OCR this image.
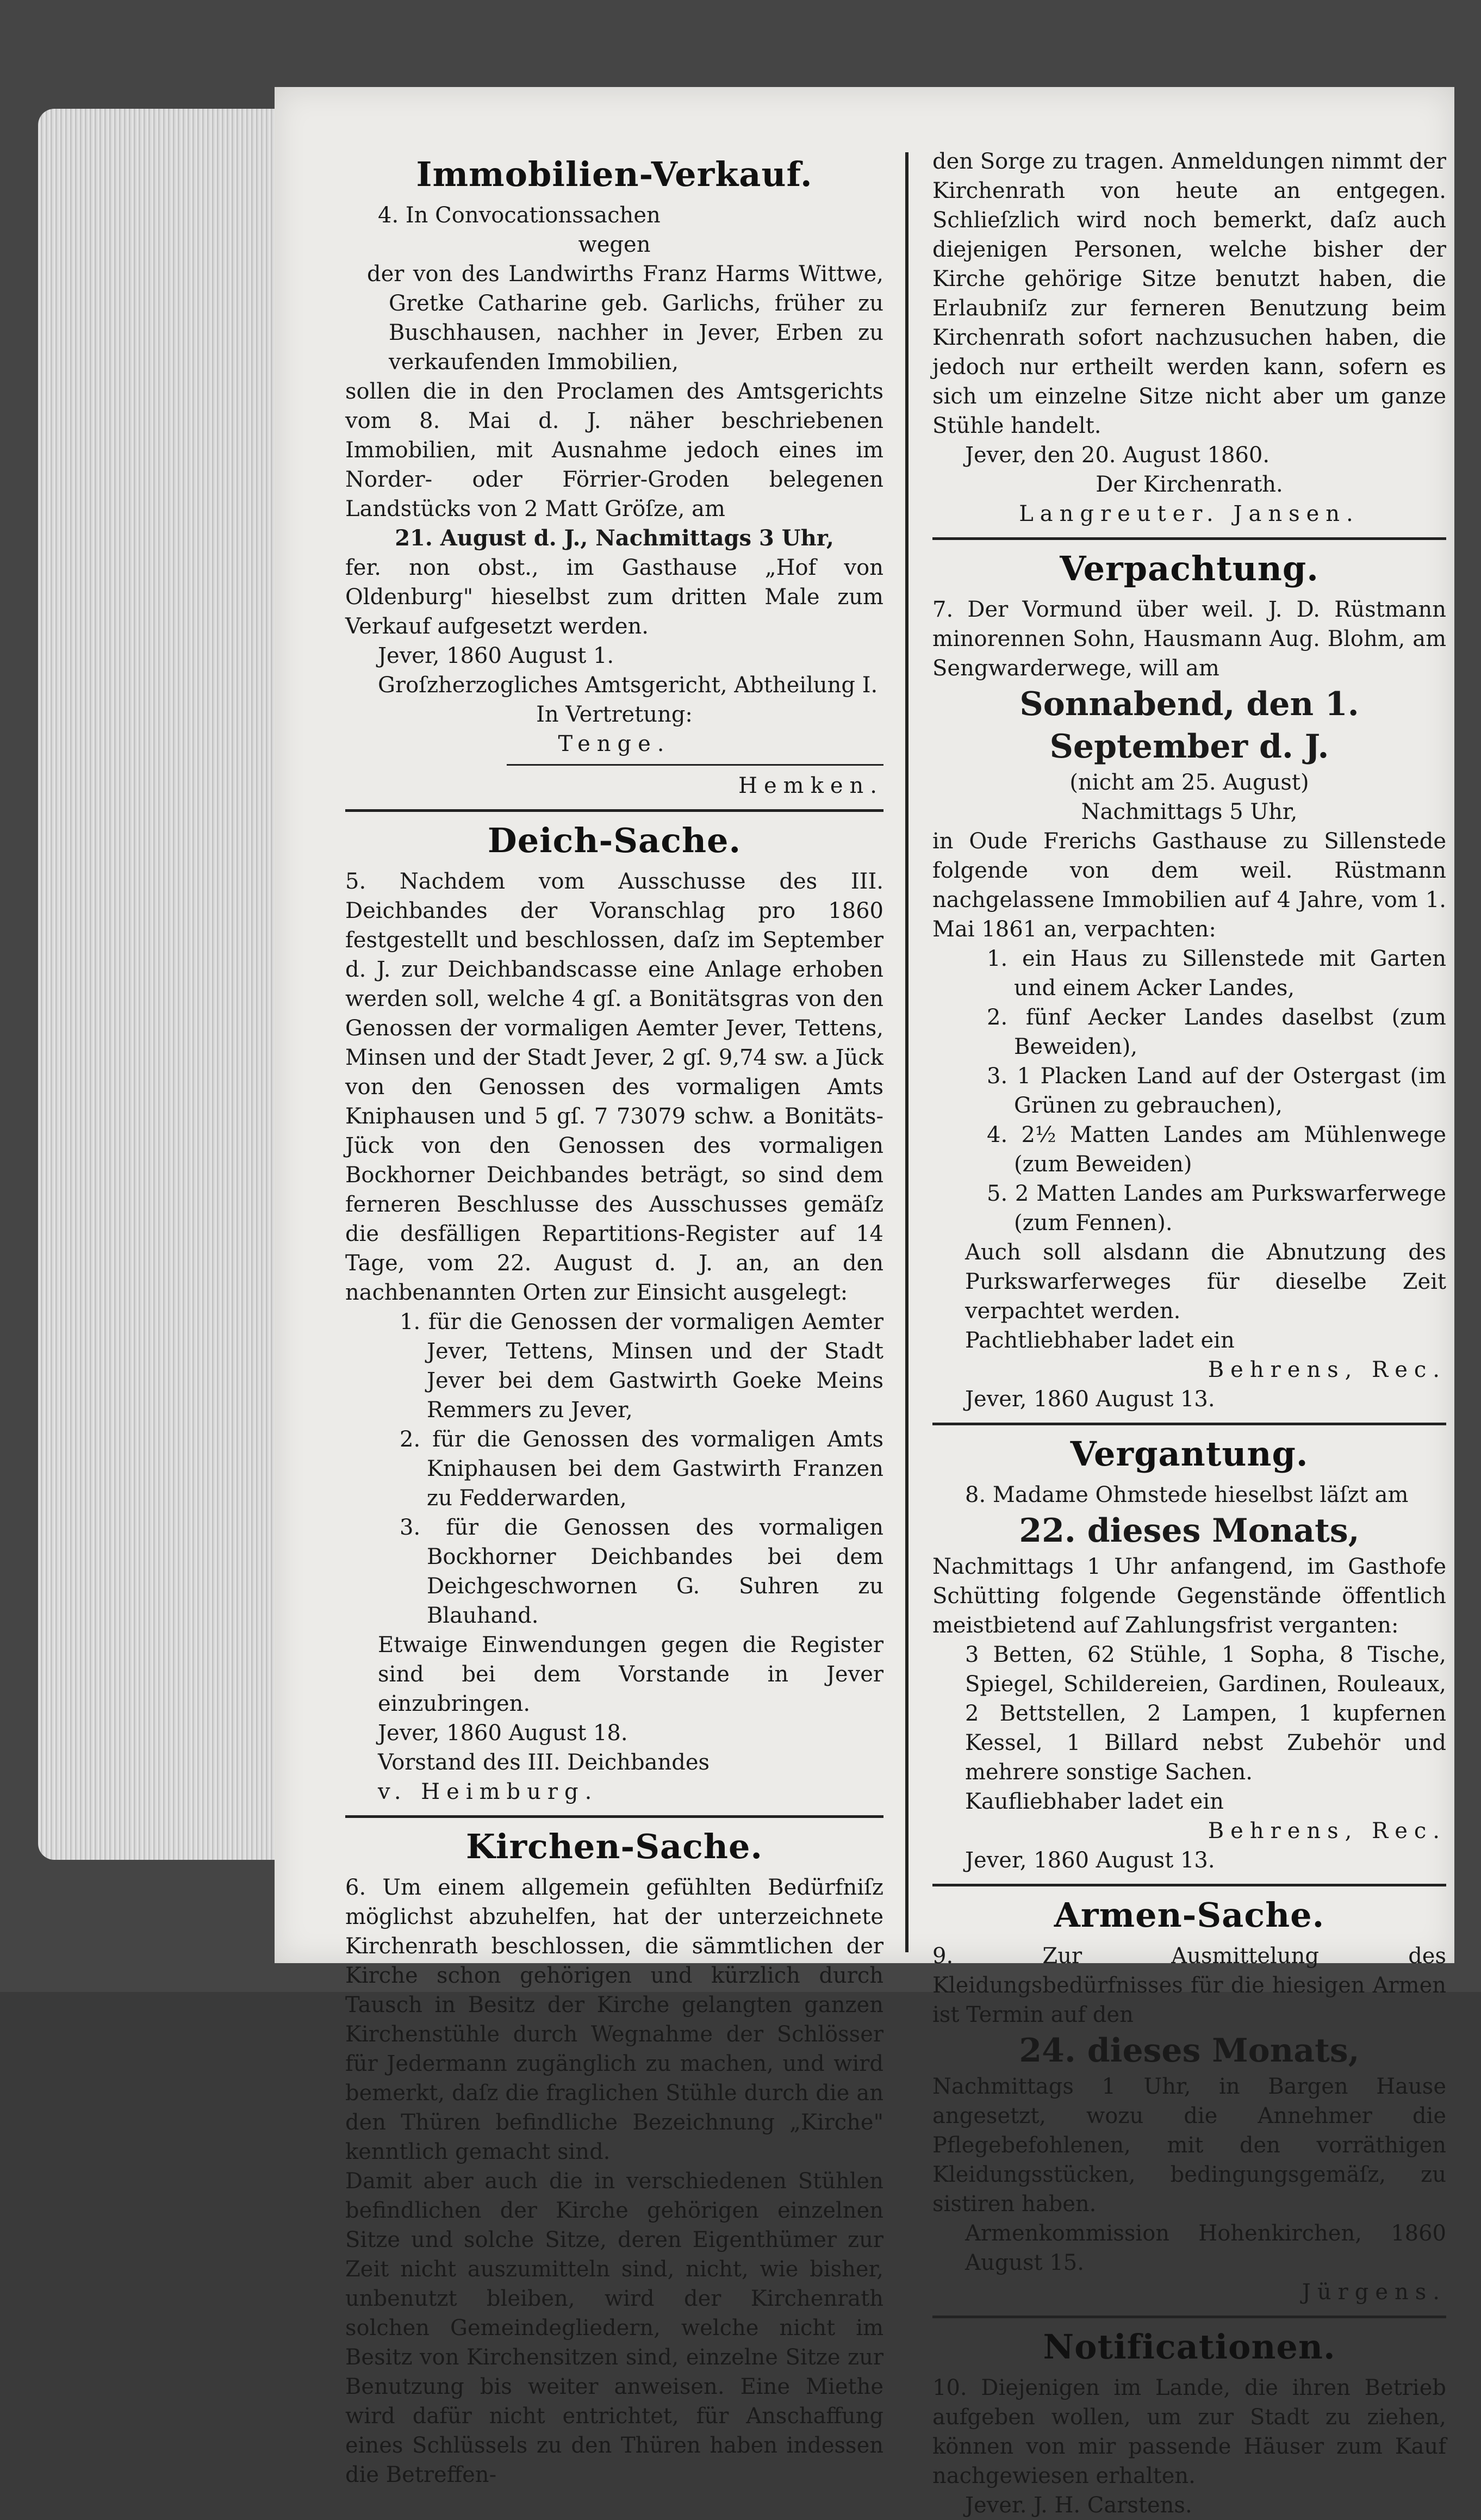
Immobilien-Verkauf.

4. In Convocationssachen

wegen

der von des Landwirths Franz Harms Wittwe, Gretke Catharine geb. Garlichs, früher zu Buschhausen, nachher in Jever, Erben zu verkaufenden Immobilien,

sollen die in den Proclamen des Amtsgerichts vom 8. Mai d. J. näher beschriebenen Immobilien, mit Ausnahme jedoch eines im Norder- oder Förrier-Groden belegenen Landstücks von 2 Matt Gröſze, am

21. August d. J., Nachmittags 3 Uhr,

fer. non obst., im Gasthause „Hof von Oldenburg" hieselbst zum dritten Male zum Verkauf aufgesetzt werden.

Jever, 1860 August 1.

Groſzherzogliches Amtsgericht, Abtheilung I.

In Vertretung:

Tenge.

Hemken.

Deich-Sache.

5. Nachdem vom Ausschusse des III. Deichbandes der Voranschlag pro 1860 festgestellt und beschlossen, daſz im September d. J. zur Deichbandscasse eine Anlage erhoben werden soll, welche 4 gſ. a Bonitätsgras von den Genossen der vormaligen Aemter Jever, Tettens, Minsen und der Stadt Jever, 2 gſ. 9,74 sw. a Jück von den Genossen des vormaligen Amts Kniphausen und 5 gſ. 7 73079 schw. a Bonitäts-Jück von den Genossen des vormaligen Bockhorner Deichbandes beträgt, so sind dem ferneren Beschlusse des Ausschusses gemäſz die desfälligen Repartitions-Register auf 14 Tage, vom 22. August d. J. an, an den nachbenannten Orten zur Einsicht ausgelegt:

1. für die Genossen der vormaligen Aemter Jever, Tettens, Minsen und der Stadt Jever bei dem Gastwirth Goeke Meins Remmers zu Jever,

2. für die Genossen des vormaligen Amts Kniphausen bei dem Gastwirth Franzen zu Fedderwarden,

3. für die Genossen des vormaligen Bockhorner Deichbandes bei dem Deichgeschwornen G. Suhren zu Blauhand.

Etwaige Einwendungen gegen die Register sind bei dem Vorstande in Jever einzubringen.

Jever, 1860 August 18.

Vorstand des III. Deichbandes

v. Heimburg.

Kirchen-Sache.

6. Um einem allgemein gefühlten Bedürfniſz möglichst abzuhelfen, hat der unterzeichnete Kirchenrath beschlossen, die sämmtlichen der Kirche schon gehörigen und kürzlich durch Tausch in Besitz der Kirche gelangten ganzen Kirchenstühle durch Wegnahme der Schlösser für Jedermann zugänglich zu machen, und wird bemerkt, daſz die fraglichen Stühle durch die an den Thüren befindliche Bezeichnung „Kirche" kenntlich gemacht sind.

Damit aber auch die in verschiedenen Stühlen befindlichen der Kirche gehörigen einzelnen Sitze und solche Sitze, deren Eigenthümer zur Zeit nicht auszumitteln sind, nicht, wie bisher, unbenutzt bleiben, wird der Kirchenrath solchen Gemeindegliedern, welche nicht im Besitz von Kirchensitzen sind, einzelne Sitze zur Benutzung bis weiter anweisen. Eine Miethe wird dafür nicht entrichtet, für Anschaffung eines Schlüssels zu den Thüren haben indessen die Betreffen-

den Sorge zu tragen. Anmeldungen nimmt der Kirchenrath von heute an entgegen. Schlieſzlich wird noch bemerkt, daſz auch diejenigen Personen, welche bisher der Kirche gehörige Sitze benutzt haben, die Erlaubniſz zur ferneren Benutzung beim Kirchenrath sofort nachzusuchen haben, die jedoch nur ertheilt werden kann, sofern es sich um einzelne Sitze nicht aber um ganze Stühle handelt.

Jever, den 20. August 1860.

Der Kirchenrath.

Langreuter. Jansen.

Verpachtung.

7. Der Vormund über weil. J. D. Rüstmann minorennen Sohn, Hausmann Aug. Blohm, am Sengwarderwege, will am

Sonnabend, den 1. September d. J.

(nicht am 25. August)

Nachmittags 5 Uhr,

in Oude Frerichs Gasthause zu Sillenstede folgende von dem weil. Rüstmann nachgelassene Immobilien auf 4 Jahre, vom 1. Mai 1861 an, verpachten:

1. ein Haus zu Sillenstede mit Garten und einem Acker Landes,

2. fünf Aecker Landes daselbst (zum Beweiden),

3. 1 Placken Land auf der Ostergast (im Grünen zu gebrauchen),

4. 2½ Matten Landes am Mühlenwege (zum Beweiden)

5. 2 Matten Landes am Purkswarferwege (zum Fennen).

Auch soll alsdann die Abnutzung des Purkswarferweges für dieselbe Zeit verpachtet werden.

Pachtliebhaber ladet ein

Behrens, Rec.

Jever, 1860 August 13.

Vergantung.

8. Madame Ohmstede hieselbst läſzt am

22. dieses Monats,

Nachmittags 1 Uhr anfangend, im Gasthofe Schütting folgende Gegenstände öffentlich meistbietend auf Zahlungsfrist verganten:

3 Betten, 62 Stühle, 1 Sopha, 8 Tische, Spiegel, Schildereien, Gardinen, Rouleaux, 2 Bettstellen, 2 Lampen, 1 kupfernen Kessel, 1 Billard nebst Zubehör und mehrere sonstige Sachen.

Kaufliebhaber ladet ein

Behrens, Rec.

Jever, 1860 August 13.

Armen-Sache.

9. Zur Ausmittelung des Kleidungsbedürfnisses für die hiesigen Armen ist Termin auf den

24. dieses Monats,

Nachmittags 1 Uhr, in Bargen Hause angesetzt, wozu die Annehmer die Pflegebefohlenen, mit den vorräthigen Kleidungsstücken, bedingungsgemäſz, zu sistiren haben.

Armenkommission Hohenkirchen, 1860 August 15.

Jürgens.

Notificationen.

10. Diejenigen im Lande, die ihren Betrieb aufgeben wollen, um zur Stadt zu ziehen, können von mir passende Häuser zum Kauf nachgewiesen erhalten.

Jever. J. H. Carstens.
